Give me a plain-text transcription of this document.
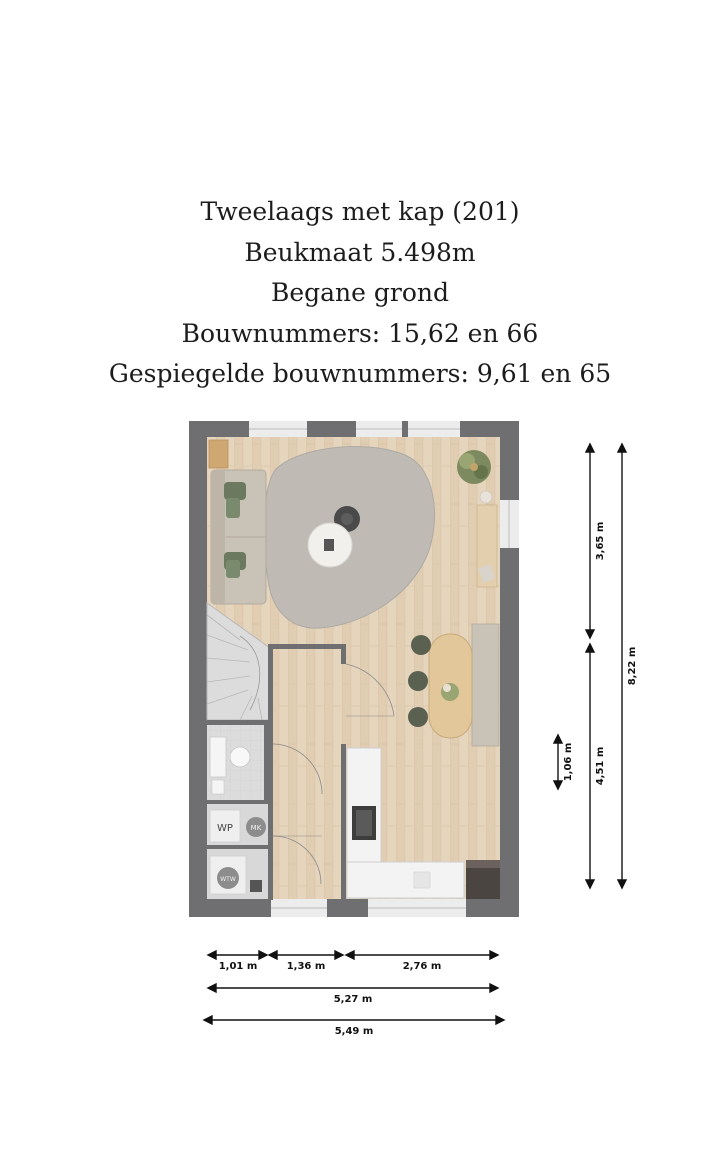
Tweelaags met kap (201)
Beukmaat 5.498m
Begane grond
Bouwnummers: 15,62 en 66
Gespiegelde bouwnummers: 9,61 en 65
WP	MK
WTW
3,65 m
4,51 m
8,22 m
1,06 m
1,01 m	1,36 m	2,76 m
5,27 m
5,49 m
